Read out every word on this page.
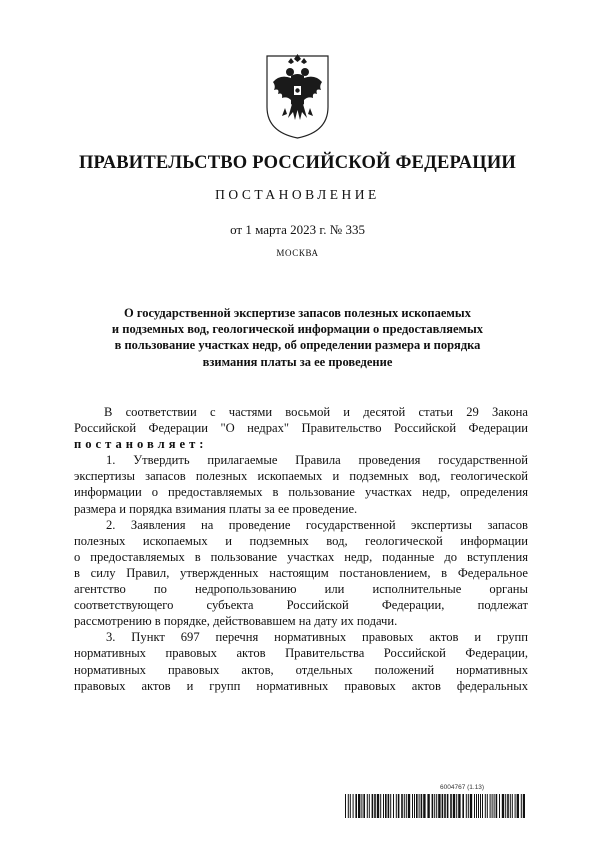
ПРАВИТЕЛЬСТВО РОССИЙСКОЙ ФЕДЕРАЦИИ
ПОСТАНОВЛЕНИЕ
от 1 марта 2023 г. № 335
МОСКВА
О государственной экспертизе запасов полезных ископаемых
и подземных вод, геологической информации о предоставляемых
в пользование участках недр, об определении размера и порядка
взимания платы за ее проведение
В соответствии с частями восьмой и десятой статьи 29 Закона
Российской Федерации "О недрах" Правительство Российской Федерации
постановляет:
1. Утвердить прилагаемые Правила проведения государственной
экспертизы запасов полезных ископаемых и подземных вод, геологической
информации о предоставляемых в пользование участках недр, определения
размера и порядка взимания платы за ее проведение.
2. Заявления на проведение государственной экспертизы запасов
полезных ископаемых и подземных вод, геологической информации
о предоставляемых в пользование участках недр, поданные до вступления
в силу Правил, утвержденных настоящим постановлением, в Федеральное
агентство по недропользованию или исполнительные органы
соответствующего субъекта Российской Федерации, подлежат
рассмотрению в порядке, действовавшем на дату их подачи.
3. Пункт 697 перечня нормативных правовых актов и групп
нормативных правовых актов Правительства Российской Федерации,
нормативных правовых актов, отдельных положений нормативных
правовых актов и групп нормативных правовых актов федеральных
6004767 (1.13)
